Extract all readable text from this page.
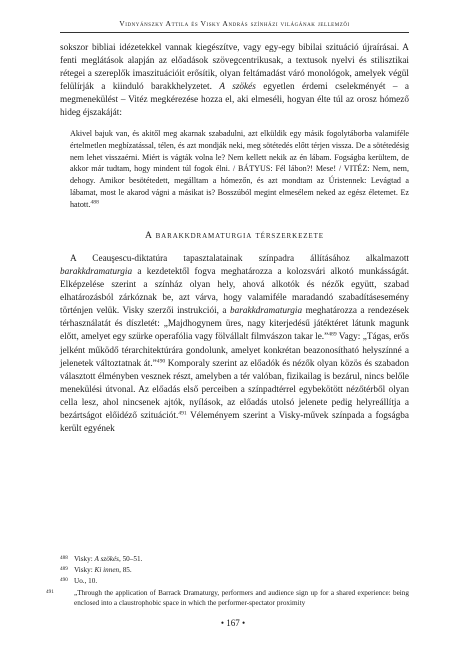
Vidnyánszky Attila és Visky András színházi világának jellemzői

sokszor bibliai idézetekkel vannak kiegészítve, vagy egy-egy bibilai szituáció újraírásai. A fenti meglátások alapján az előadások szövegcentrikusak, a textusok nyelvi és stilisztikai rétegei a szereplők imaszituációit erősítik, olyan feltámadást váró monológok, amelyek végül felülírják a kiinduló barakkhelyzetet. A szökés egyetlen érdemi cselekményét – a megmenekülést – Vitéz megkérezése hozza el, aki elmeséli, hogyan élte túl az orosz hómező hideg éjszakáját:

Akivel bajuk van, és akitől meg akarnak szabadulni, azt elküldik egy másik fogolytáborba valamiféle értelmetlen megbízatással, télen, és azt mondják neki, meg sötétedés előtt térjen vissza. De a sötétedésig nem lehet visszaérni. Miért is vágták volna le? Nem kellett nekik az én lábam. Fogságba kerültem, de akkor már tudtam, hogy mindent túl fogok élni. / BÁTYUS: Fél lábon?! Mese! / VITÉZ: Nem, nem, dehogy. Amikor besötétedett, megálltam a hómezőn, és azt mondtam az Úristennek: Levágtad a lábamat, most le akarod vágni a másikat is? Bosszúból megint elmesélem neked az egész életemet. Ez hatott.$^{488}$

A barakkdramaturgia térszerkezete

A Ceauşescu-diktatúra tapasztalatainak színpadra állításához alkalmazott barakkdramaturgia a kezdetektől fogva meghatározza a kolozsvári alkotó munkásságát. Elképzelése szerint a színház olyan hely, ahová alkotók és nézők együtt, szabad elhatározásból zárkóznak be, azt várva, hogy valamiféle maradandó szabadításesemény történjen velük. Visky szerzői instrukciói, a barakkdramaturgia meghatározza a rendezések térhasználatát és díszletét: „Majdhogynem üres, nagy kiterjedésű játéktéret látunk magunk előtt, amelyet egy szürke operafólia vagy fölvállalt filmvászon takar le.”$^{489}$ Vagy: „Tágas, erős jelként működő térarchitektúrára gondolunk, amelyet konkrétan beazonosítható helyszínné a jelenetek változtatnak át.”$^{490}$ Komporaly szerint az előadók és nézők olyan közös és szabadon választott élményben vesznek részt, amelyben a tér valóban, fizikailag is bezárul, nincs belőle menekülési útvonal. Az előadás első perceiben a színpadtérrel egybekötött nézőtérből olyan cella lesz, ahol nincsenek ajtók, nyílások, az előadás utolsó jelenete pedig helyreállítja a bezártságot előidéző szituációt.$^{491}$ Véleményem szerint a Visky-művek színpada a fogságba került egyének

488 Visky: A szökés, 50–51.

489 Visky: Ki innen, 85.

490 Uo., 10.

491	„Through the application of Barrack Dramaturgy, performers and audience sign up for a shared experience: being enclosed into a claustrophobic space in which the performer-spectator proximity

• 167 •
